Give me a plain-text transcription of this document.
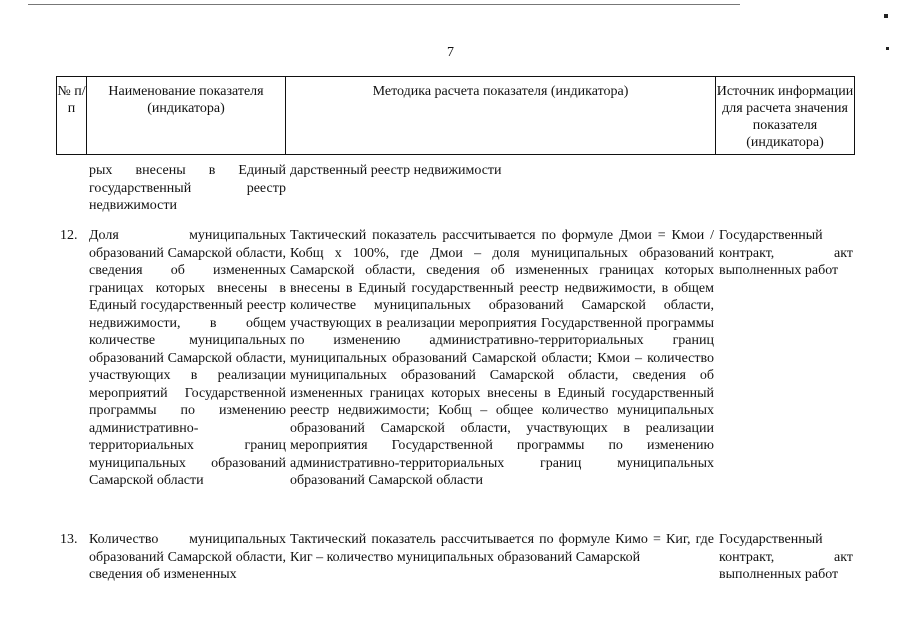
7
№ п/п
Наименование показателя (индикатора)
Методика расчета показателя (индикатора)	Источник информации для расчета значения показателя (индикатора)

рых внесены в Единый государственный реестр недвижимости

дарственный реестр недвижимости

12. Доля муниципальных образований Самарской области, сведения об измененных границах которых внесены в Единый государственный реестр недвижимости, в общем количестве муниципальных образований Самарской области, участвующих в реализации мероприятий Государственной программы по изменению административно-территориальных границ муниципальных образований Самарской области

Тактический показатель рассчитывается по формуле Дмои = Кмои / Кобщ х 100%, где Дмои – доля муниципальных образований Самарской области, сведения об измененных границах которых внесены в Единый государственный реестр недвижимости, в общем количестве муниципальных образований Самарской области, участвующих в реализации мероприятия Государственной программы по изменению административно-территориальных границ муниципальных образований Самарской области; Кмои – количество муниципальных образований Самарской области, сведения об измененных границах которых внесены в Единый государственный реестр недвижимости; Кобщ – общее количество муниципальных образований Самарской области, участвующих в реализации мероприятия Государственной программы по изменению административно-территориальных границ муниципальных образований Самарской области

Государственный контракт, акт выполненных работ

13. Количество муниципальных образований Самарской области, сведения об измененных

Тактический показатель рассчитывается по формуле Кимо = Киг, где Киг – количество муниципальных образований Самарской

Государственный контракт, акт выполненных работ
